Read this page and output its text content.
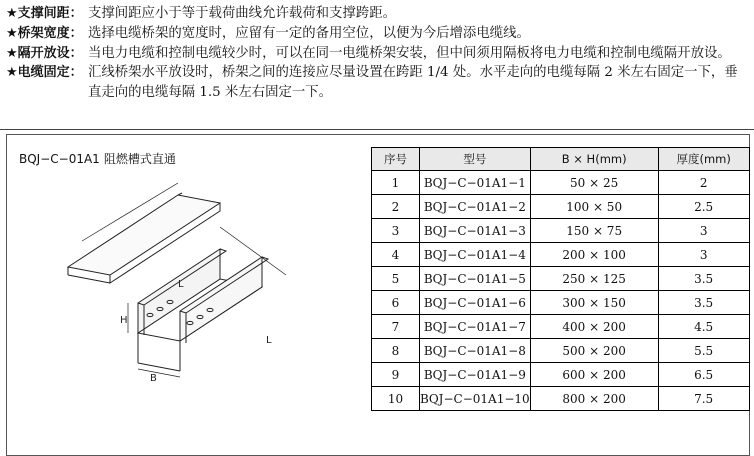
★支撑间距： 支撑间距应小于等于载荷曲线允许载荷和支撑跨距。
★桥架宽度： 选择电缆桥架的宽度时，应留有一定的备用空位，以便为今后增添电缆线。
★隔开放设： 当电力电缆和控制电缆较少时，可以在同一电缆桥架安装，但中间须用隔板将电力电缆和控制电缆隔开放设。
★电缆固定： 汇线桥架水平放设时，桥架之间的连接应尽量设置在跨距 1/4 处。水平走向的电缆每隔 2 米左右固定一下，垂直走向的电缆每隔 1.5 米左右固定一下。
BQJ−C−01A1 阻燃槽式直通
L
L
H
B
序号	型号	B × H(mm)	厚度(mm)
1	BQJ−C−01A1−1	50 × 25	2
2	BQJ−C−01A1−2	100 × 50	2.5
3	BQJ−C−01A1−3	150 × 75	3
4	BQJ−C−01A1−4	200 × 100	3
5	BQJ−C−01A1−5	250 × 125	3.5
6	BQJ−C−01A1−6	300 × 150	3.5
7	BQJ−C−01A1−7	400 × 200	4.5
8	BQJ−C−01A1−8	500 × 200	5.5
9	BQJ−C−01A1−9	600 × 200	6.5
10	BQJ−C−01A1−10	800 × 200	7.5
